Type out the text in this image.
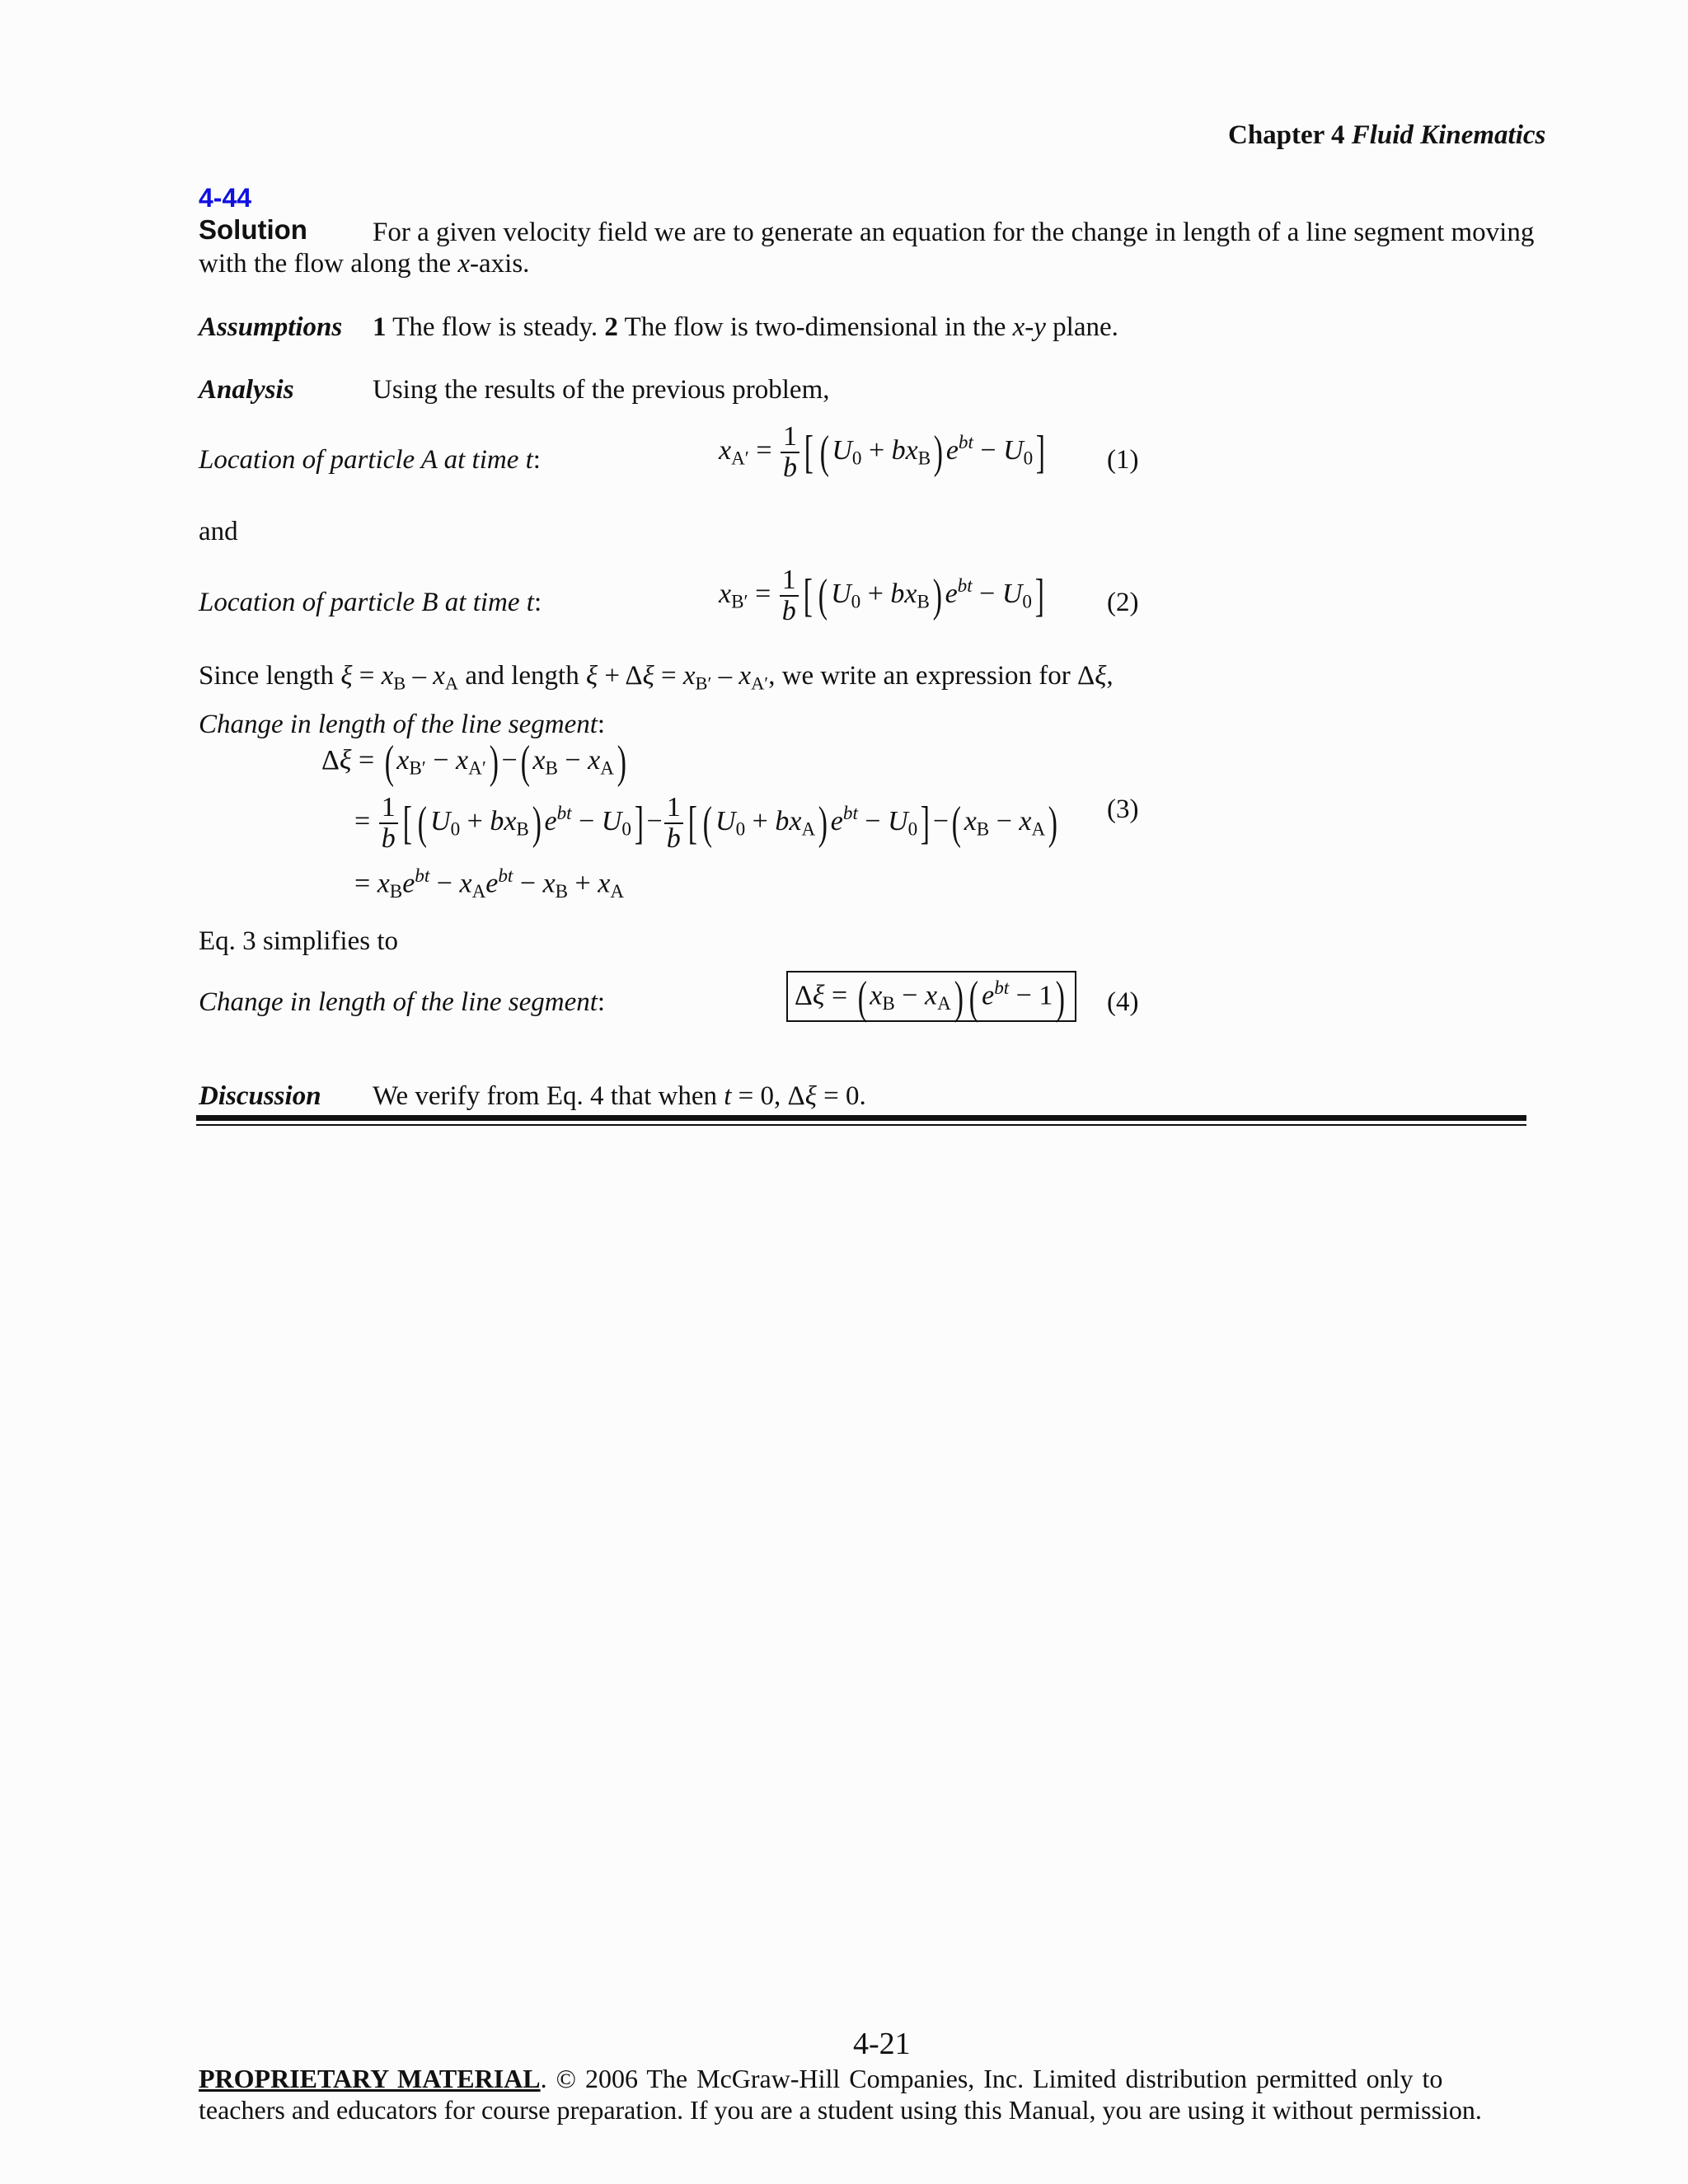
Chapter 4 Fluid Kinematics
4-44
Solution For a given velocity field we are to generate an equation for the change in length of a line segment moving
with the flow along the x-axis.
Assumptions 1 The flow is steady. 2 The flow is two-dimensional in the x-y plane.
Analysis	Using the results of the previous problem,
Location of particle A at time t:	$x_{A'} = \frac{1}{b}$ [ ( $U_0 + bx_B$) $e^{bt} - U_0$] (1)
and
Location of particle B at time t:	$x_{B'} = \frac{1}{b}$ [ ( $U_0 + bx_B$) $e^{bt} - U_0$] (2)
Since length $\xi = x_B - x_A$ and length $\xi + \Delta\xi = x_{B'} - x_{A'}$, we write an expression for Δξ,
Change in length of the line segment:
Δξ = ( $x_{B'} - x_{A'}$) −( $x_B - x_A$)
= $\frac{1}{b}$ [ ( $U_0 + bx_B$) $e^{bt} - U_0] - \frac{1}{b}$ [ ( $U_0 + bx_A$) $e^{bt} - U_0$] −( $x_B - x_A$) (3)
= $x_Be^{bt} - x_Ae^{bt} - x_B + x_A$
Eq. 3 simplifies to
Change in length of the line segment:	Δξ = ( $x_B - x_A$) ( $e^{bt} - 1$)	(4)
Discussion We verify from Eq. 4 that when t = 0, Δξ = 0.
4-21
PROPRIETARY MATERIAL. © 2006 The McGraw-Hill Companies, Inc. Limited distribution permitted only to
teachers and educators for course preparation. If you are a student using this Manual, you are using it without permission.
